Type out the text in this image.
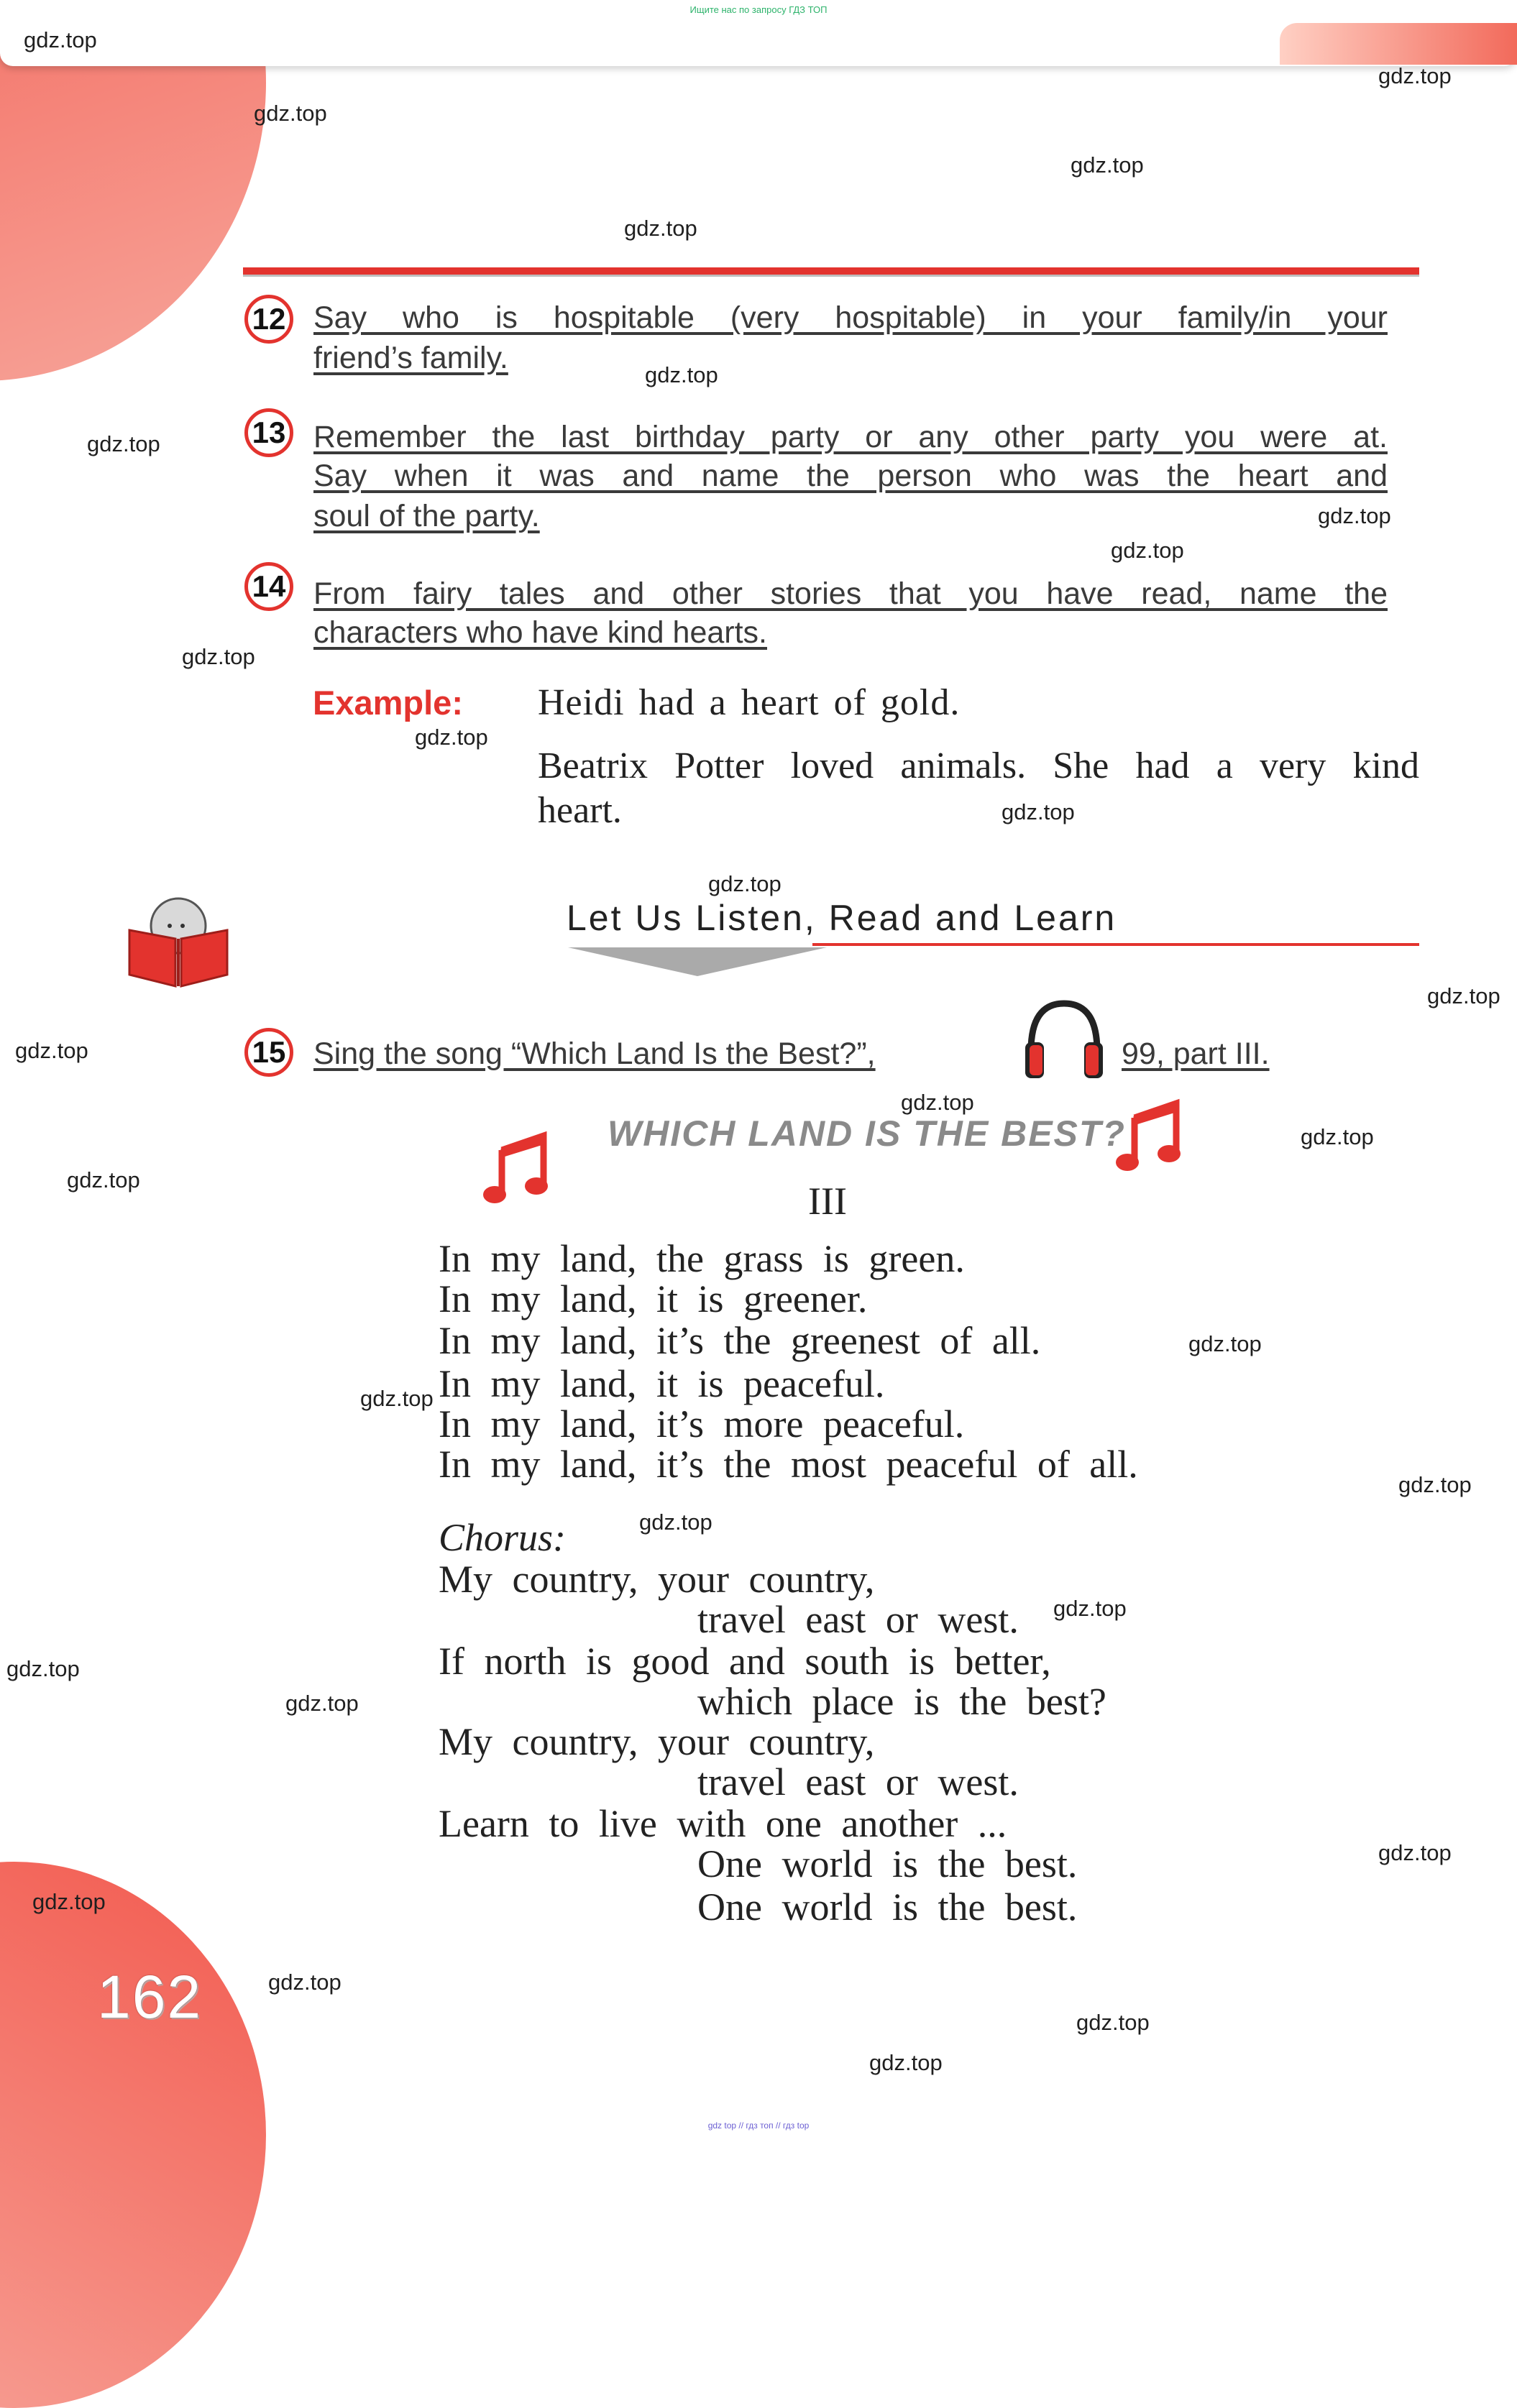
Ищите нас по запросу ГДЗ ТОП
gdz.top
162
12 Say who is hospitable (very hospitable) in your family/in your
friend’s family.
13 Remember the last birthday party or any other party you were at.
Say when it was and name the person who was the heart and
soul of the party.
14 From fairy tales and other stories that you have read, name the
characters who have kind hearts.
Example: Heidi had a heart of gold.
Beatrix Potter loved animals. She had a very kind
heart.
Let Us Listen, Read and Learn
15 Sing the song “Which Land Is the Best?”,	99, part III.
WHICH LAND IS THE BEST?
III
In my land, the grass is green.
In my land, it is greener.
In my land, it’s the greenest of all.
In my land, it is peaceful.
In my land, it’s more peaceful.
In my land, it’s the most peaceful of all.
Chorus:
My country, your country,
travel east or west.
If north is good and south is better,
which place is the best?
My country, your country,
travel east or west.
Learn to live with one another ...
One world is the best.
One world is the best.
gdz.top
gdz.top
gdz.top
gdz.top
gdz.top
gdz.top
gdz.top
gdz.top
gdz.top
gdz.top
gdz.top
gdz.top
gdz.top
gdz.top
gdz.top
gdz.top
gdz.top
gdz.top
gdz.top
gdz.top
gdz.top
gdz.top
gdz.top
gdz.top
gdz.top
gdz.top
gdz.top
gdz.top
gdz.top
gdz top // гдз топ // гдз top
